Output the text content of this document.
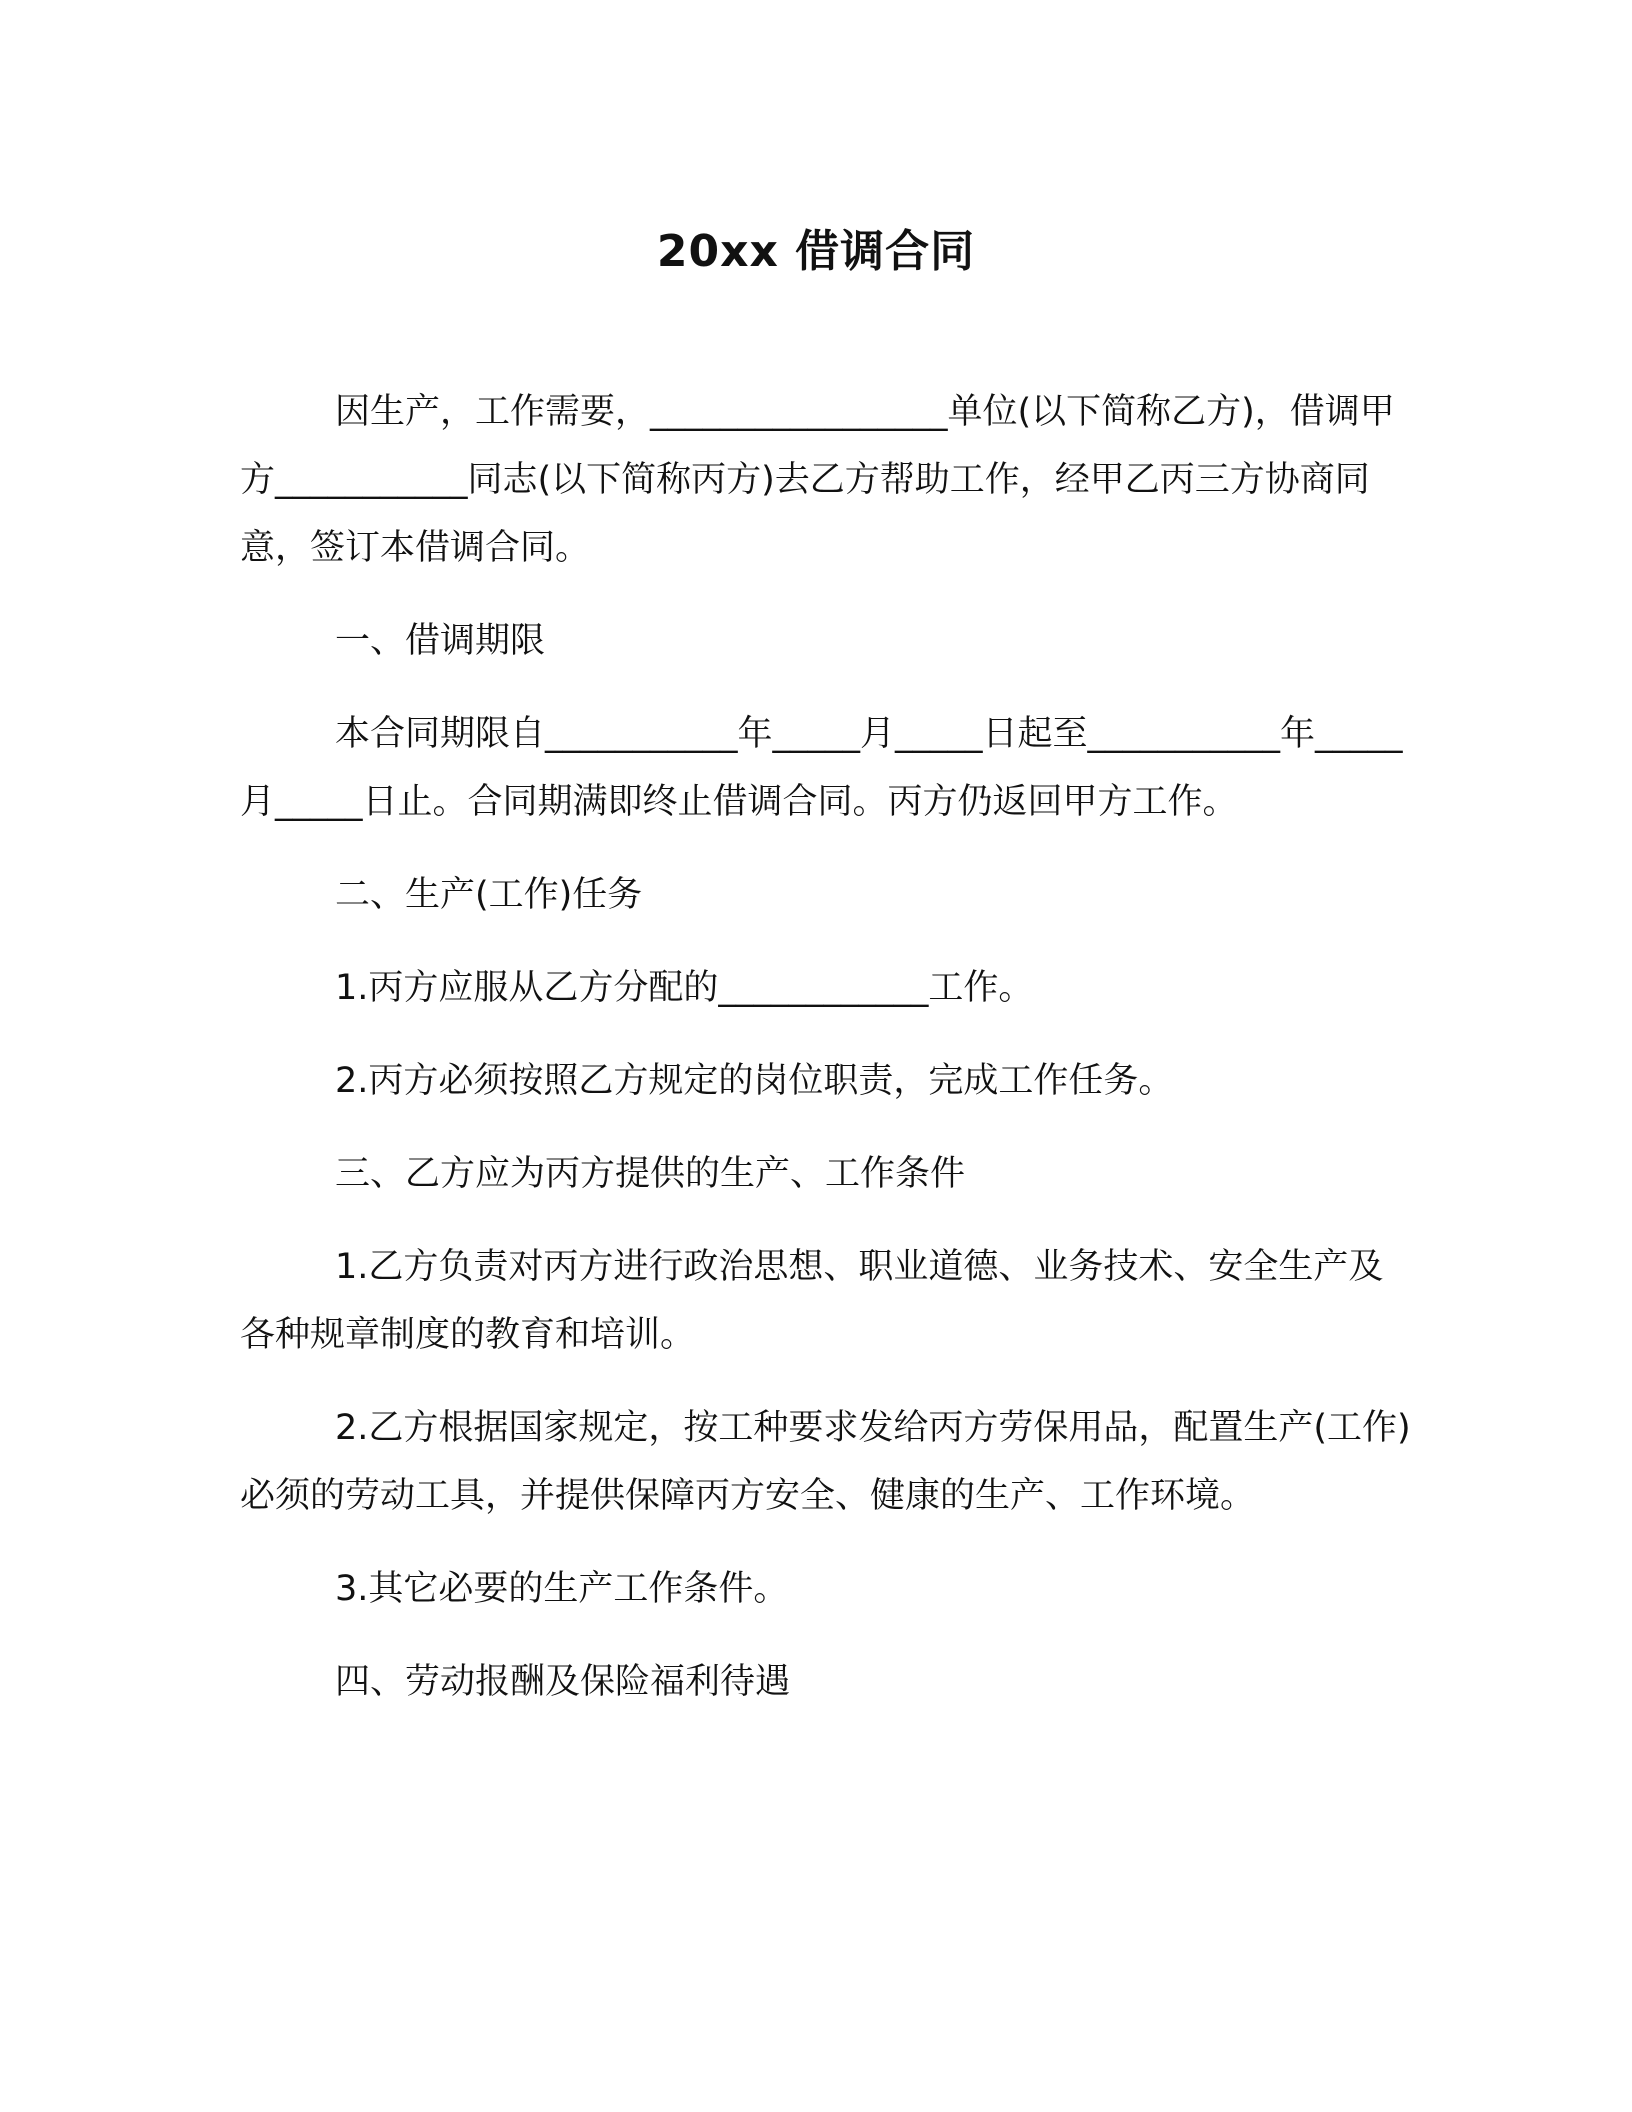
20xx 借调合同

因生产，工作需要，_________________单位(以下简称乙方)，借调甲方___________同志(以下简称丙方)去乙方帮助工作，经甲乙丙三方协商同意，签订本借调合同。

一、借调期限

本合同期限自___________年_____月_____日起至___________年_____月_____日止。合同期满即终止借调合同。丙方仍返回甲方工作。

二、生产(工作)任务

1.丙方应服从乙方分配的____________工作。

2.丙方必须按照乙方规定的岗位职责，完成工作任务。

三、乙方应为丙方提供的生产、工作条件

1.乙方负责对丙方进行政治思想、职业道德、业务技术、安全生产及各种规章制度的教育和培训。

2.乙方根据国家规定，按工种要求发给丙方劳保用品，配置生产(工作)必须的劳动工具，并提供保障丙方安全、健康的生产、工作环境。

3.其它必要的生产工作条件。

四、劳动报酬及保险福利待遇
